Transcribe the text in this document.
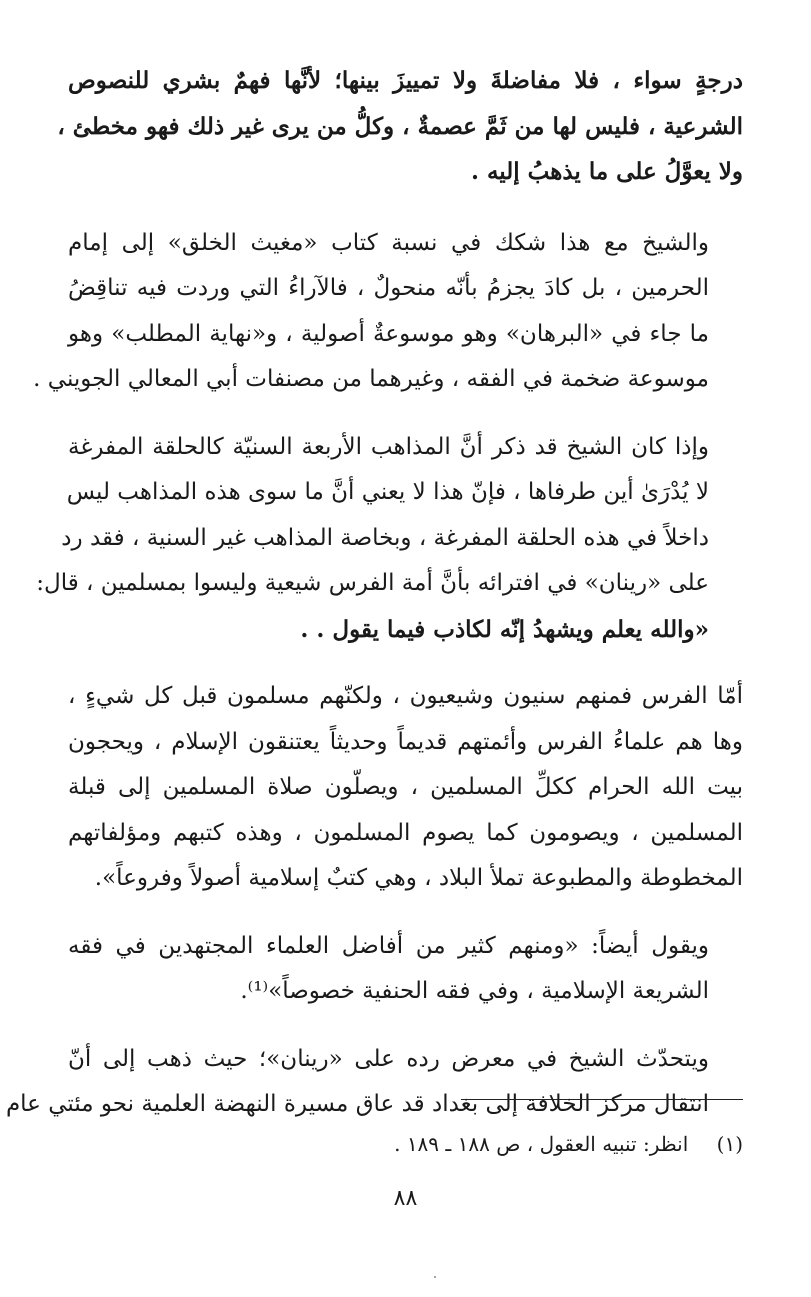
درجةٍ سواء ، فلا مفاضلةَ ولا تمييزَ بينها؛ لأنَّها فهمٌ بشري للنصوص
الشرعية ، فليس لها من ثَمَّ عصمةٌ ، وكلُّ من يرى غير ذلك فهو مخطئ ،
ولا يعوَّلُ على ما يذهبُ إليه .

والشيخ مع هذا شكك في نسبة كتاب «مغيث الخلق» إلى إمام
الحرمين ، بل كادَ يجزمُ بأنّه منحولٌ ، فالآراءُ التي وردت فيه تناقِضُ
ما جاء في «البرهان» وهو موسوعةٌ أصولية ، و«نهاية المطلب» وهو
موسوعة ضخمة في الفقه ، وغيرهما من مصنفات أبي المعالي الجويني .

وإذا كان الشيخ قد ذكر أنَّ المذاهب الأربعة السنيّة كالحلقة المفرغة
لا يُدْرَىٰ أين طرفاها ، فإنّ هذا لا يعني أنَّ ما سوى هذه المذاهب ليس
داخلاً في هذه الحلقة المفرغة ، وبخاصة المذاهب غير السنية ، فقد رد
على «رينان» في افترائه بأنَّ أمة الفرس شيعية وليسوا بمسلمين ، قال:
«والله يعلم ويشهدُ إنّه لكاذب فيما يقول . .

أمّا الفرس فمنهم سنيون وشيعيون ، ولكنّهم مسلمون قبل كل شيءٍ ،
وها هم علماءُ الفرس وأئمتهم قديماً وحديثاً يعتنقون الإسلام ، ويحجون
بيت الله الحرام ككلِّ المسلمين ، ويصلّون صلاة المسلمين إلى قبلة
المسلمين ، ويصومون كما يصوم المسلمون ، وهذه كتبهم ومؤلفاتهم
المخطوطة والمطبوعة تملأ البلاد ، وهي كتبٌ إسلامية أصولاً وفروعاً».

ويقول أيضاً: «ومنهم كثير من أفاضل العلماء المجتهدين في فقه
الشريعة الإسلامية ، وفي فقه الحنفية خصوصاً»⁽¹⁾.

ويتحدّث الشيخ في معرض رده على «رينان»؛ حيث ذهب إلى أنّ
انتقال مركز الخلافة إلى بغداد قد عاق مسيرة النهضة العلمية نحو مئتي عام

(١) انظر: تنبيه العقول ، ص ١٨٨ ـ ١٨٩ .
٨٨
